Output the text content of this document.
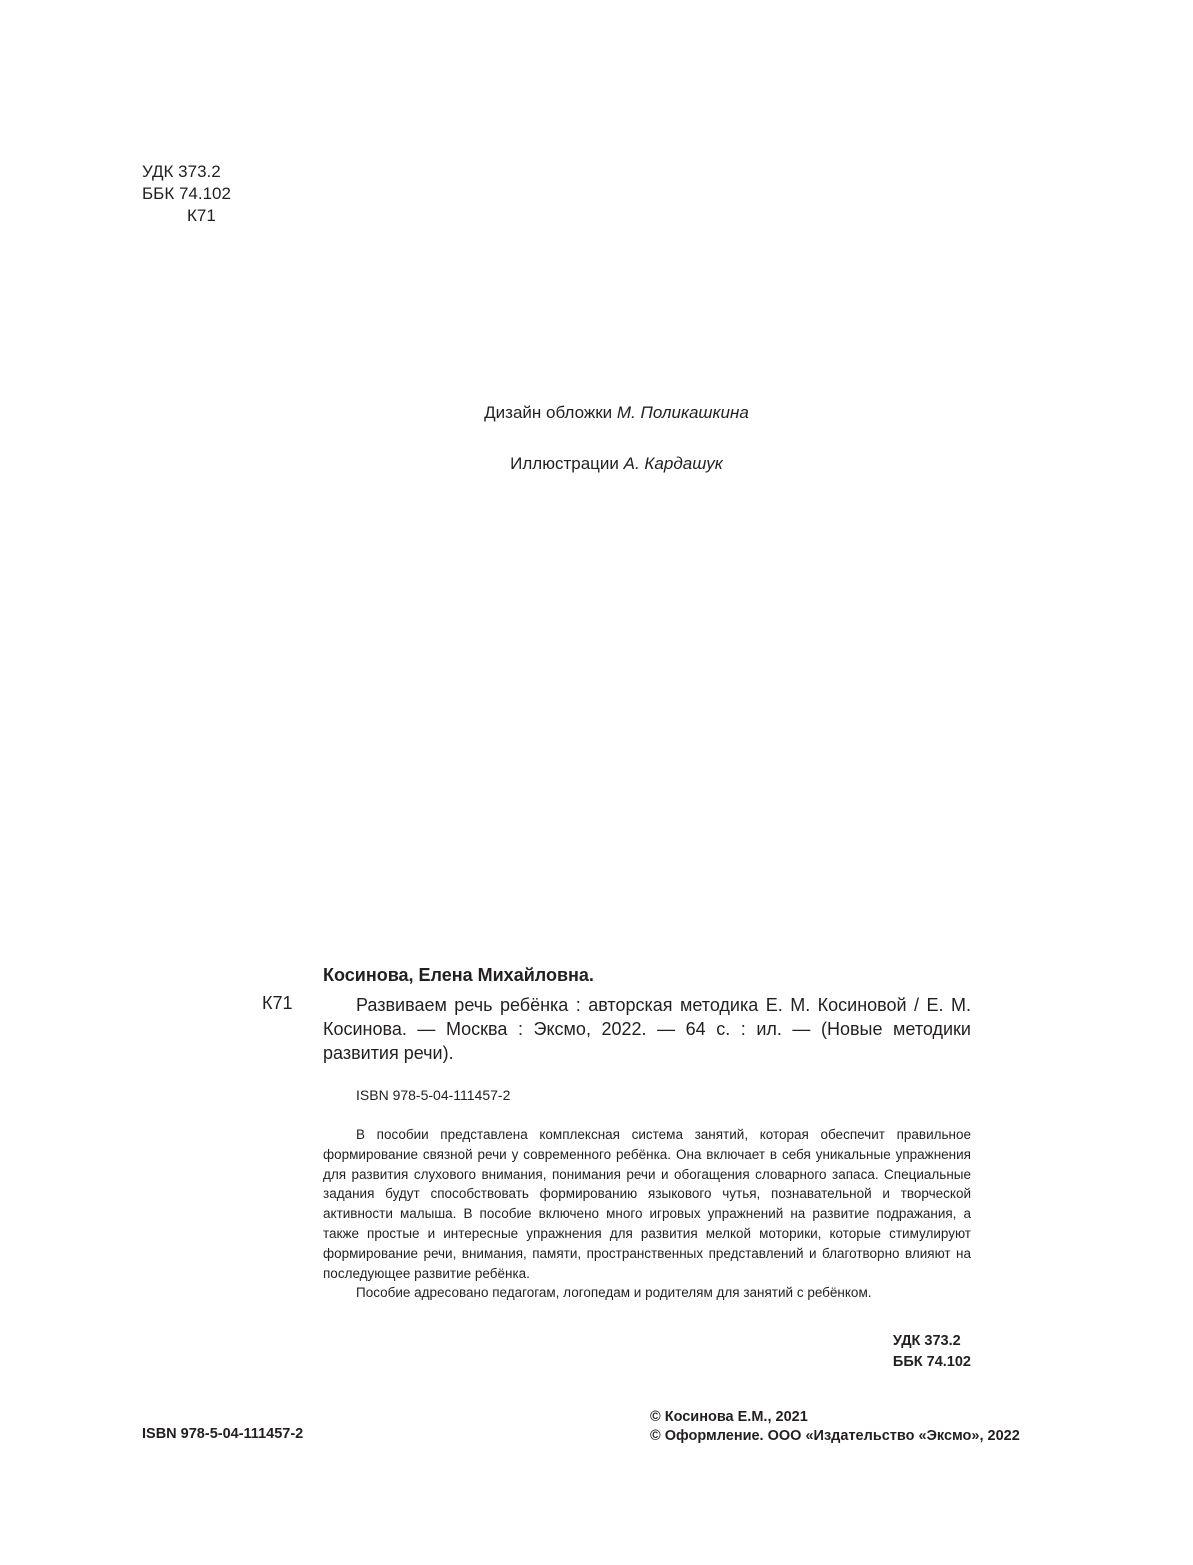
УДК 373.2
ББК 74.102
К71
Дизайн обложки М. Поликашкина
Иллюстрации А. Кардашук
Косинова, Елена Михайловна.
К71	Развиваем речь ребёнка : авторская методика Е. М. Косиновой / Е. М. Косинова. — Москва : Эксмо, 2022. — 64 с. : ил. — (Новые методики развития речи).

ISBN 978-5-04-111457-2

В пособии представлена комплексная система занятий, которая обеспечит правильное формирование связной речи у современного ребёнка. Она включает в себя уникальные упражнения для развития слухового внимания, понимания речи и обогащения словарного запаса. Специальные задания будут способствовать формированию языкового чутья, познавательной и творческой активности малыша. В пособие включено много игровых упражнений на развитие подражания, а также простые и интересные упражнения для развития мелкой моторики, которые стимулируют формирование речи, внимания, памяти, пространственных представлений и благотворно влияют на последующее развитие ребёнка.

Пособие адресовано педагогам, логопедам и родителям для занятий с ребёнком.

УДК 373.2
ББК 74.102
ISBN 978-5-04-111457-2
© Косинова Е.М., 2021
© Оформление. ООО «Издательство «Эксмо», 2022
